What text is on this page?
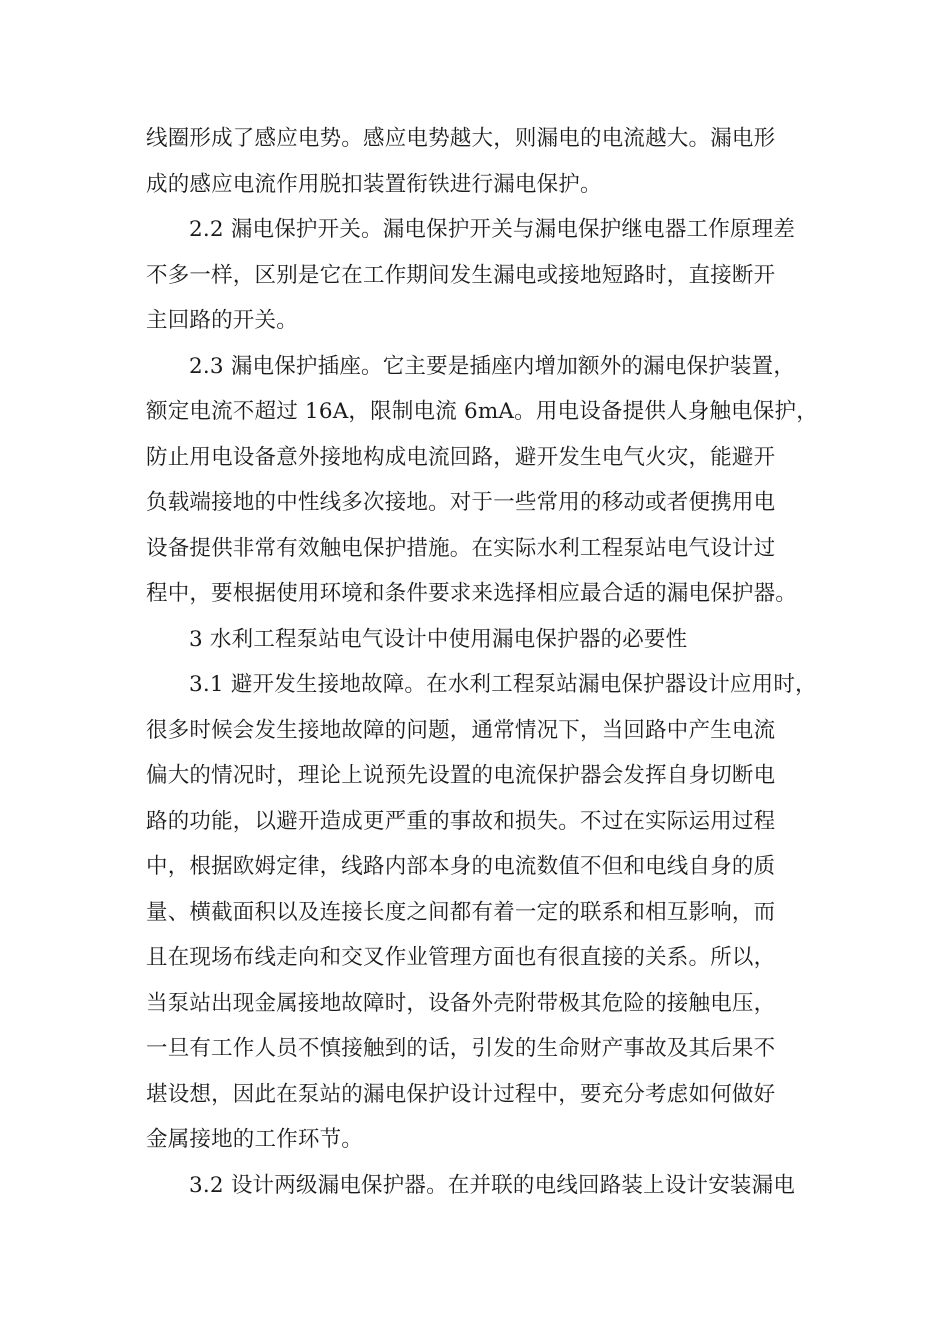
线圈形成了感应电势。感应电势越大，则漏电的电流越大。漏电形
成的感应电流作用脱扣装置衔铁进行漏电保护。
2.2 漏电保护开关。漏电保护开关与漏电保护继电器工作原理差
不多一样，区别是它在工作期间发生漏电或接地短路时，直接断开
主回路的开关。
2.3 漏电保护插座。它主要是插座内增加额外的漏电保护装置，
额定电流不超过 16A，限制电流 6mA。用电设备提供人身触电保护，
防止用电设备意外接地构成电流回路，避开发生电气火灾，能避开
负载端接地的中性线多次接地。对于一些常用的移动或者便携用电
设备提供非常有效触电保护措施。在实际水利工程泵站电气设计过
程中，要根据使用环境和条件要求来选择相应最合适的漏电保护器。
3 水利工程泵站电气设计中使用漏电保护器的必要性
3.1 避开发生接地故障。在水利工程泵站漏电保护器设计应用时，
很多时候会发生接地故障的问题，通常情况下，当回路中产生电流
偏大的情况时，理论上说预先设置的电流保护器会发挥自身切断电
路的功能，以避开造成更严重的事故和损失。不过在实际运用过程
中，根据欧姆定律，线路内部本身的电流数值不但和电线自身的质
量、横截面积以及连接长度之间都有着一定的联系和相互影响，而
且在现场布线走向和交叉作业管理方面也有很直接的关系。所以，
当泵站出现金属接地故障时，设备外壳附带极其危险的接触电压，
一旦有工作人员不慎接触到的话，引发的生命财产事故及其后果不
堪设想，因此在泵站的漏电保护设计过程中，要充分考虑如何做好
金属接地的工作环节。
3.2 设计两级漏电保护器。在并联的电线回路装上设计安装漏电
